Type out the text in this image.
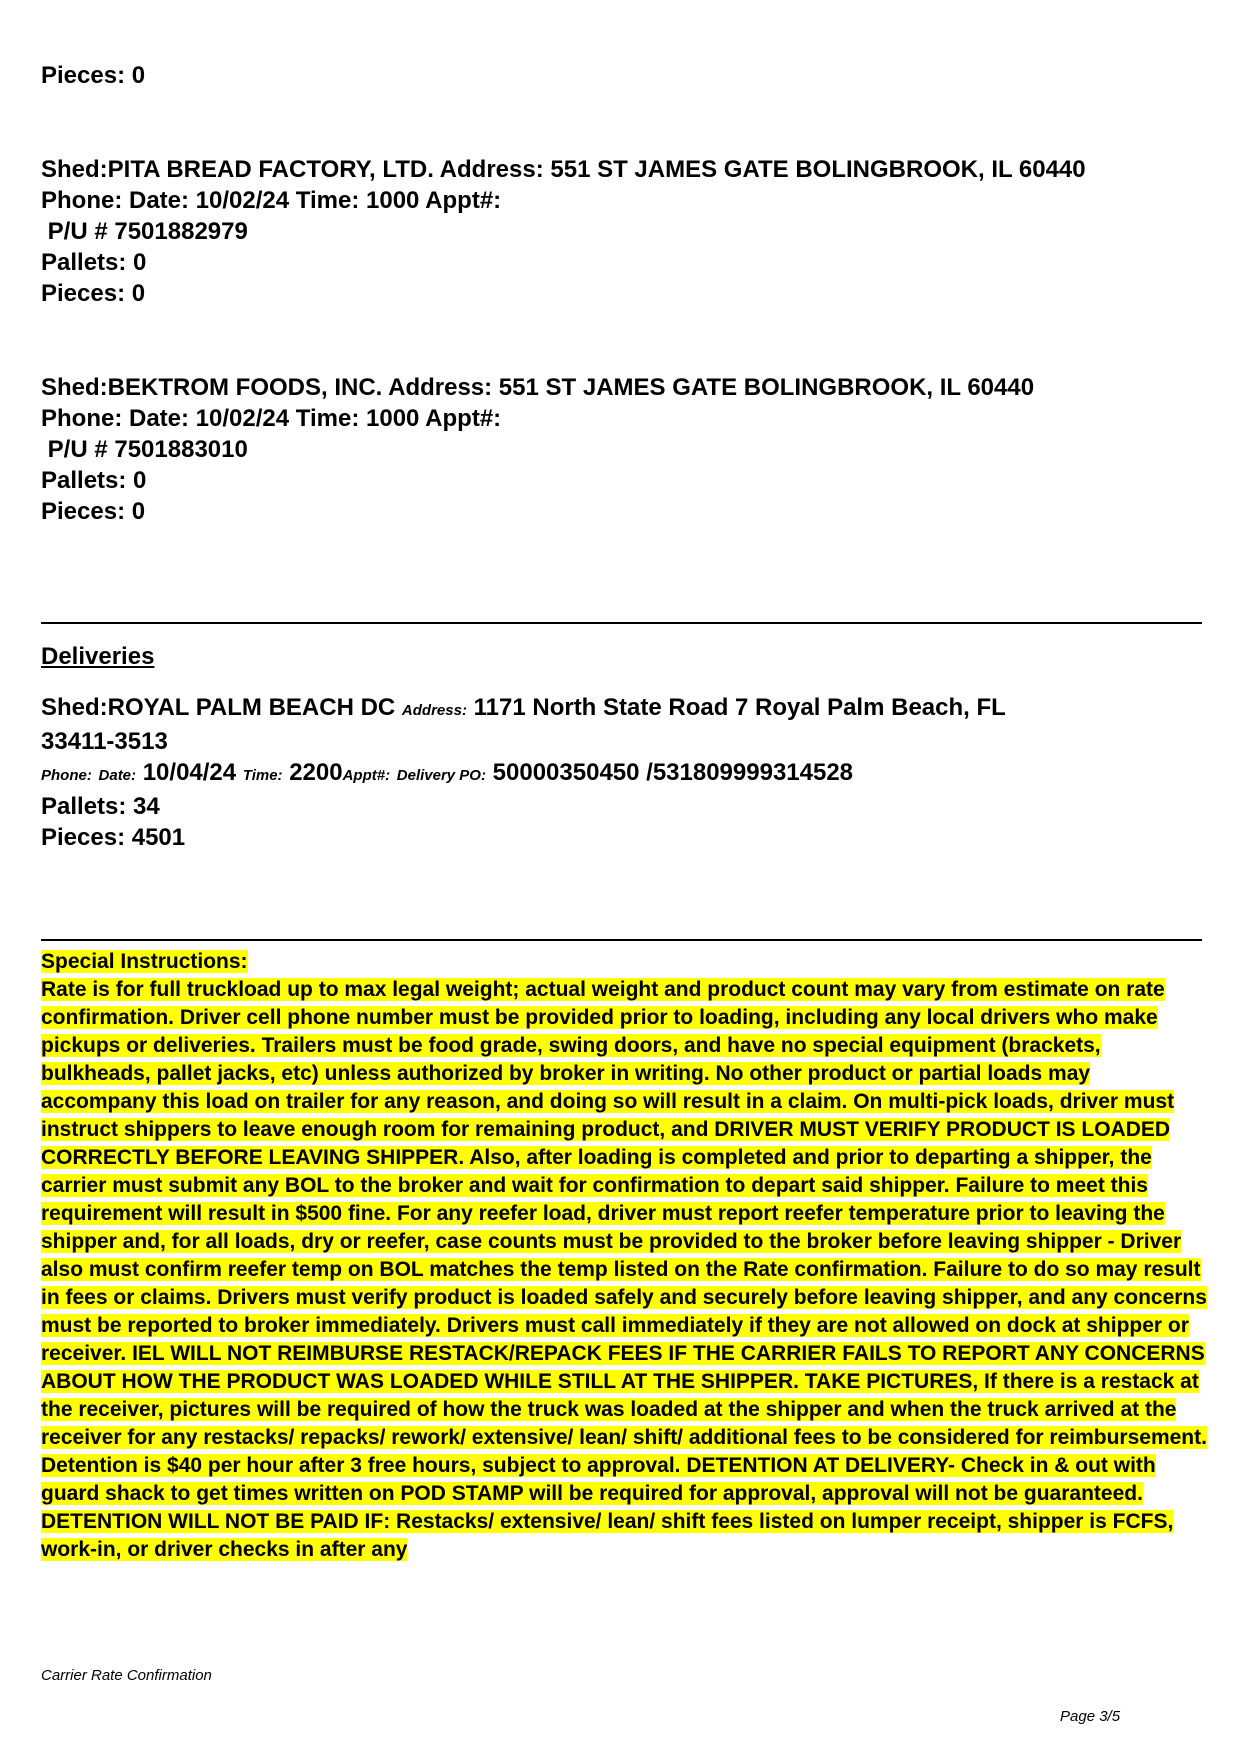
Pieces: 0
Shed:PITA BREAD FACTORY, LTD. Address: 551 ST JAMES GATE BOLINGBROOK, IL 60440
Phone: Date: 10/02/24 Time: 1000 Appt#:
P/U # 7501882979
Pallets: 0
Pieces: 0
Shed:BEKTROM FOODS, INC. Address: 551 ST JAMES GATE BOLINGBROOK, IL 60440
Phone: Date: 10/02/24 Time: 1000 Appt#:
P/U # 7501883010
Pallets: 0
Pieces: 0
Deliveries
Shed:ROYAL PALM BEACH DC Address: 1171 North State Road 7 Royal Palm Beach, FL
33411-3513
Phone: Date: 10/04/24 Time: 2200Appt#: Delivery PO: 50000350450 /531809999314528
Pallets: 34
Pieces: 4501
Special Instructions:
Rate is for full truckload up to max legal weight; actual weight and product count may vary from estimate on rate confirmation. Driver cell phone number must be provided prior to loading, including any local drivers who make pickups or deliveries. Trailers must be food grade, swing doors, and have no special equipment (brackets, bulkheads, pallet jacks, etc) unless authorized by broker in writing. No other product or partial loads may accompany this load on trailer for any reason, and doing so will result in a claim. On multi-pick loads, driver must instruct shippers to leave enough room for remaining product, and DRIVER MUST VERIFY PRODUCT IS LOADED CORRECTLY BEFORE LEAVING SHIPPER. Also, after loading is completed and prior to departing a shipper, the carrier must submit any BOL to the broker and wait for confirmation to depart said shipper. Failure to meet this requirement will result in $500 fine. For any reefer load, driver must report reefer temperature prior to leaving the shipper and, for all loads, dry or reefer, case counts must be provided to the broker before leaving shipper - Driver also must confirm reefer temp on BOL matches the temp listed on the Rate confirmation. Failure to do so may result in fees or claims. Drivers must verify product is loaded safely and securely before leaving shipper, and any concerns must be reported to broker immediately. Drivers must call immediately if they are not allowed on dock at shipper or receiver. IEL WILL NOT REIMBURSE RESTACK/REPACK FEES IF THE CARRIER FAILS TO REPORT ANY CONCERNS ABOUT HOW THE PRODUCT WAS LOADED WHILE STILL AT THE SHIPPER. TAKE PICTURES, If there is a restack at the receiver, pictures will be required of how the truck was loaded at the shipper and when the truck arrived at the receiver for any restacks/ repacks/ rework/ extensive/ lean/ shift/ additional fees to be considered for reimbursement. Detention is $40 per hour after 3 free hours, subject to approval. DETENTION AT DELIVERY- Check in & out with guard shack to get times written on POD STAMP will be required for approval, approval will not be guaranteed. DETENTION WILL NOT BE PAID IF: Restacks/ extensive/ lean/ shift fees listed on lumper receipt, shipper is FCFS, work-in, or driver checks in after any
Carrier Rate Confirmation
Page 3/5
